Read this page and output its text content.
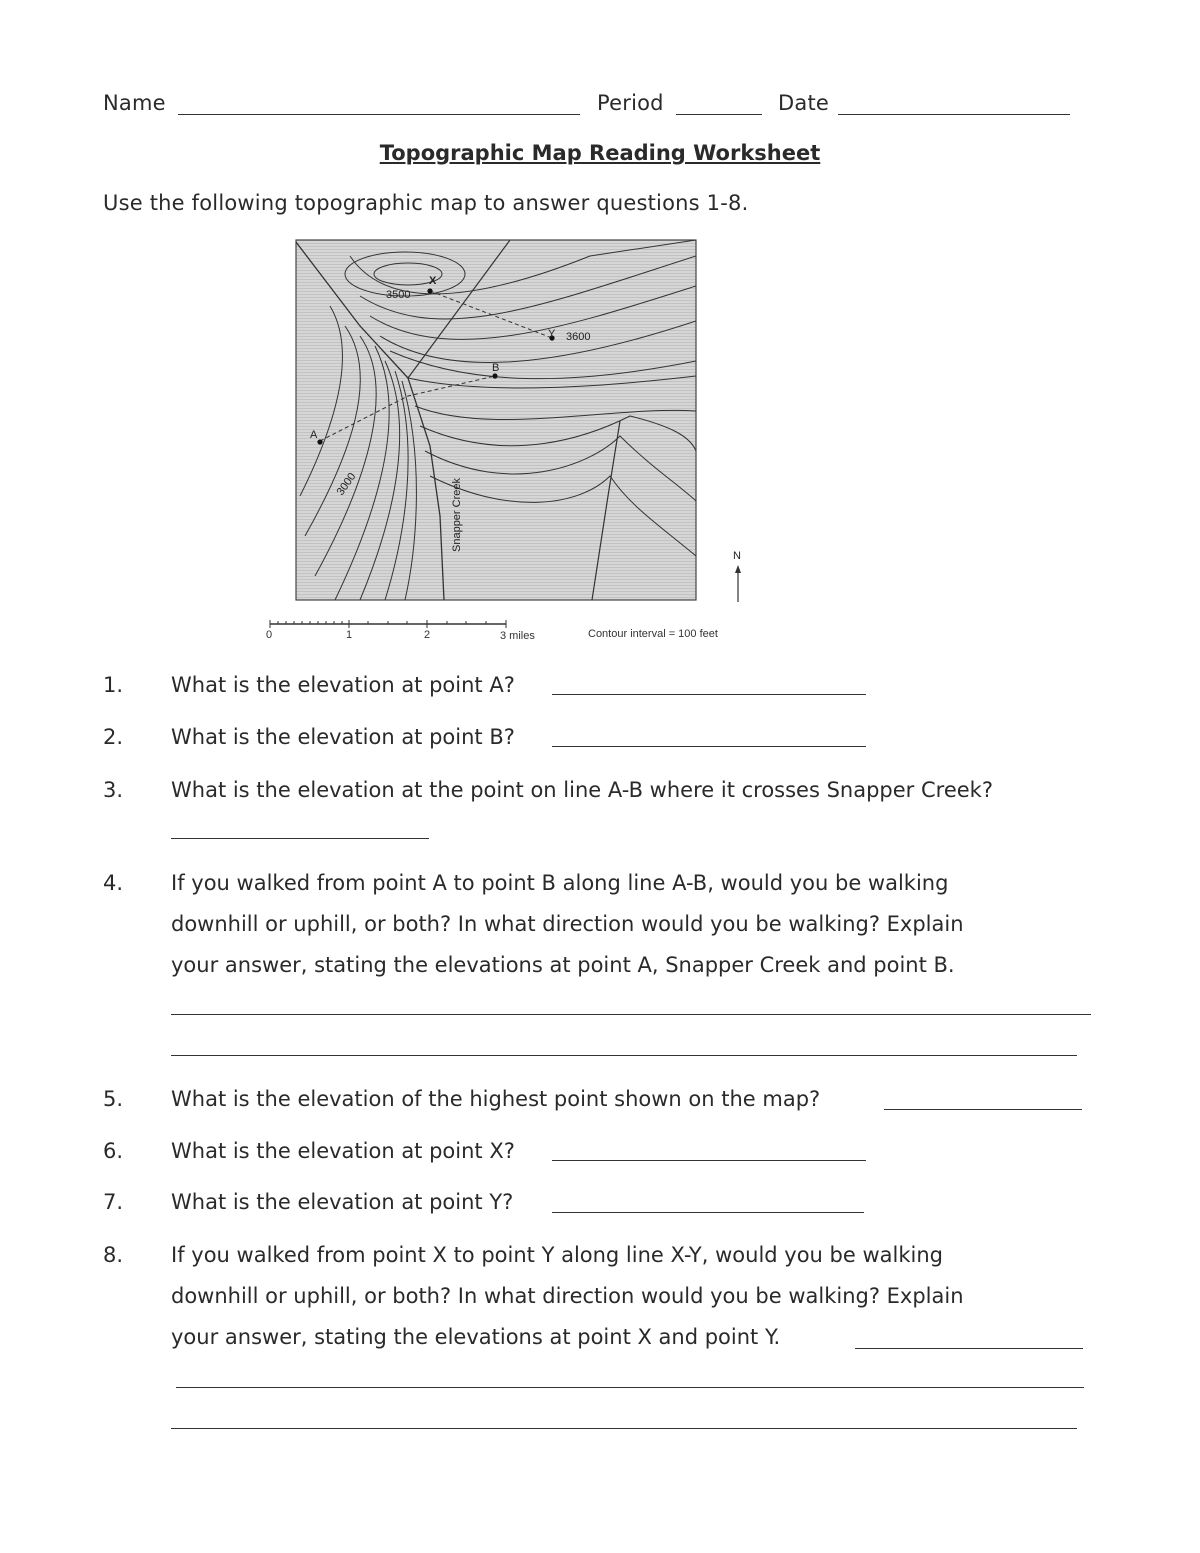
Name	Period	Date
Topographic Map Reading Worksheet
Use the following topographic map to answer questions 1-8.
X
Y
A
B
3500
3600
3000	Snapper Creek
N
0	1	2	3 miles	Contour interval = 100 feet
1. What is the elevation at point A?
2. What is the elevation at point B?
3. What is the elevation at the point on line A-B where it crosses Snapper Creek?
4. If you walked from point A to point B along line A-B, would you be walking
downhill or uphill, or both? In what direction would you be walking? Explain
your answer, stating the elevations at point A, Snapper Creek and point B.
5. What is the elevation of the highest point shown on the map?
6. What is the elevation at point X?
7. What is the elevation at point Y?
8. If you walked from point X to point Y along line X-Y, would you be walking
downhill or uphill, or both? In what direction would you be walking? Explain
your answer, stating the elevations at point X and point Y.
